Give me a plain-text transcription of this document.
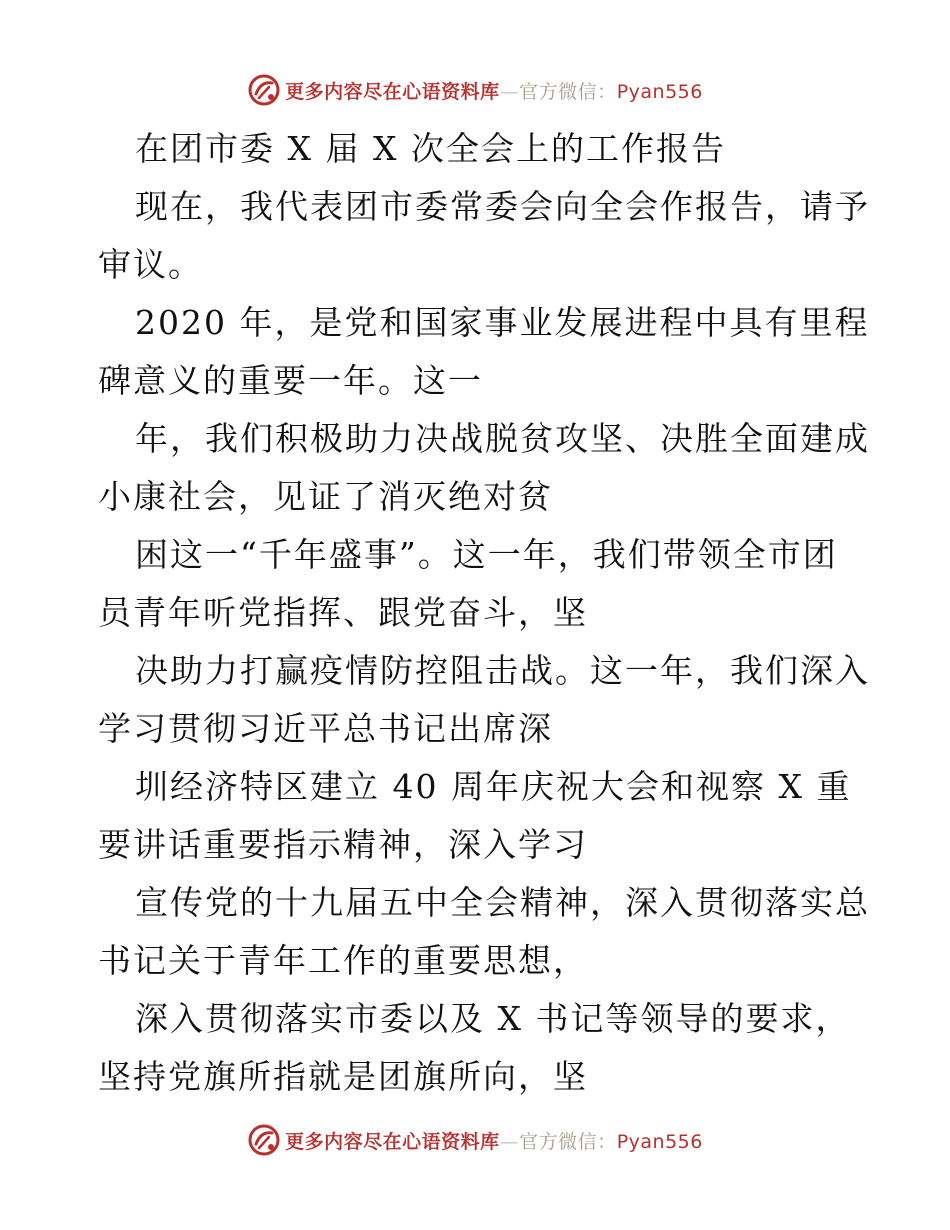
更多内容尽在心语资料库—官方微信：Pyan556
在团市委 X 届 X 次全会上的工作报告
现在，我代表团市委常委会向全会作报告，请予
审议。
2020 年，是党和国家事业发展进程中具有里程
碑意义的重要一年。这一
年，我们积极助力决战脱贫攻坚、决胜全面建成
小康社会，见证了消灭绝对贫
困这一“千年盛事”。这一年，我们带领全市团
员青年听党指挥、跟党奋斗，坚
决助力打赢疫情防控阻击战。这一年，我们深入
学习贯彻习近平总书记出席深
圳经济特区建立 40 周年庆祝大会和视察 X 重
要讲话重要指示精神，深入学习
宣传党的十九届五中全会精神，深入贯彻落实总
书记关于青年工作的重要思想，
深入贯彻落实市委以及 X 书记等领导的要求，
坚持党旗所指就是团旗所向，坚
更多内容尽在心语资料库—官方微信：Pyan556
